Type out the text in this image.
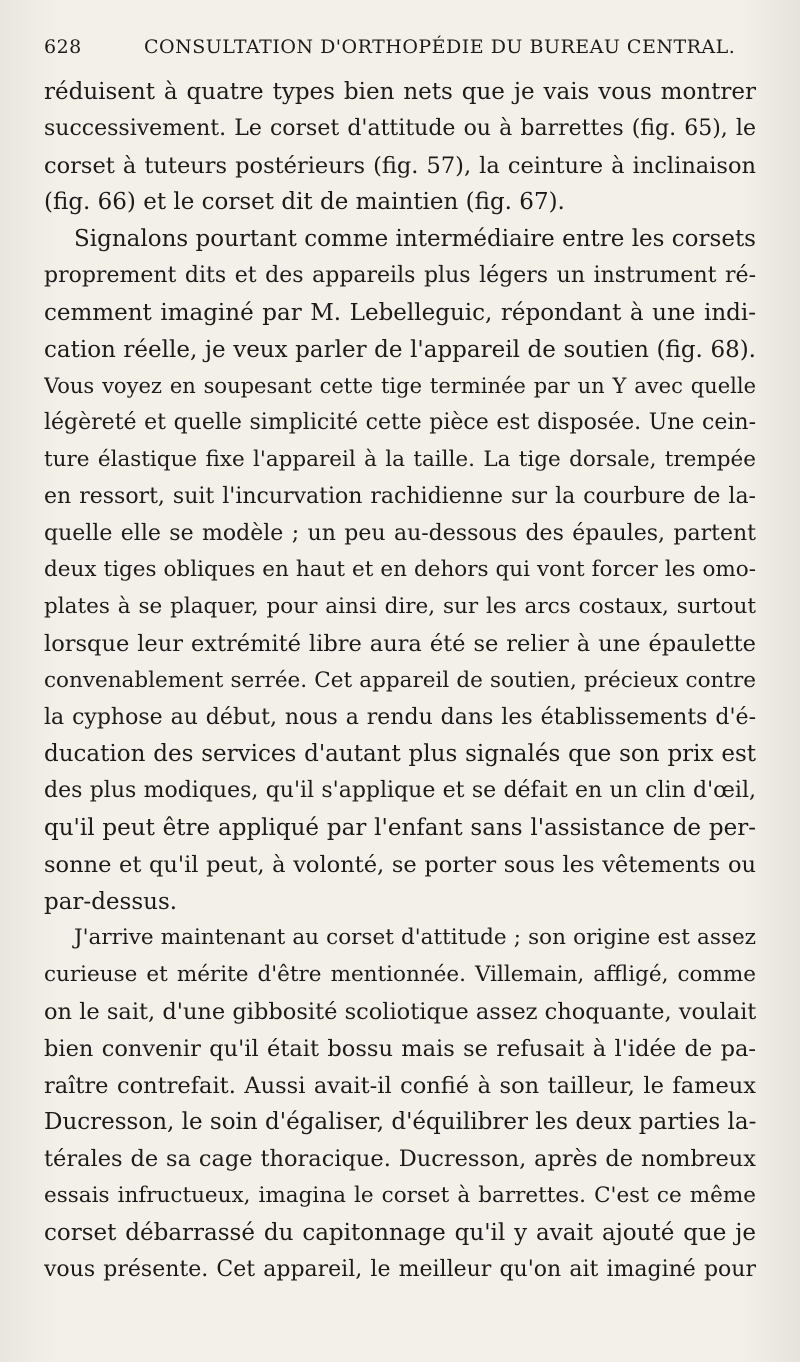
628	CONSULTATION D'ORTHOPÉDIE DU BUREAU CENTRAL.
réduisent à quatre types bien nets que je vais vous montrer
successivement. Le corset d'attitude ou à barrettes (fig. 65), le
corset à tuteurs postérieurs (fig. 57), la ceinture à inclinaison
(fig. 66) et le corset dit de maintien (fig. 67).
Signalons pourtant comme intermédiaire entre les corsets
proprement dits et des appareils plus légers un instrument ré-
cemment imaginé par M. Lebelleguic, répondant à une indi-
cation réelle, je veux parler de l'appareil de soutien (fig. 68).
Vous voyez en soupesant cette tige terminée par un Y avec quelle
légèreté et quelle simplicité cette pièce est disposée. Une cein-
ture élastique fixe l'appareil à la taille. La tige dorsale, trempée
en ressort, suit l'incurvation rachidienne sur la courbure de la-
quelle elle se modèle ; un peu au-dessous des épaules, partent
deux tiges obliques en haut et en dehors qui vont forcer les omo-
plates à se plaquer, pour ainsi dire, sur les arcs costaux, surtout
lorsque leur extrémité libre aura été se relier à une épaulette
convenablement serrée. Cet appareil de soutien, précieux contre
la cyphose au début, nous a rendu dans les établissements d'é-
ducation des services d'autant plus signalés que son prix est
des plus modiques, qu'il s'applique et se défait en un clin d'œil,
qu'il peut être appliqué par l'enfant sans l'assistance de per-
sonne et qu'il peut, à volonté, se porter sous les vêtements ou
par-dessus.
J'arrive maintenant au corset d'attitude ; son origine est assez
curieuse et mérite d'être mentionnée. Villemain, affligé, comme
on le sait, d'une gibbosité scoliotique assez choquante, voulait
bien convenir qu'il était bossu mais se refusait à l'idée de pa-
raître contrefait. Aussi avait-il confié à son tailleur, le fameux
Ducresson, le soin d'égaliser, d'équilibrer les deux parties la-
térales de sa cage thoracique. Ducresson, après de nombreux
essais infructueux, imagina le corset à barrettes. C'est ce même
corset débarrassé du capitonnage qu'il y avait ajouté que je
vous présente. Cet appareil, le meilleur qu'on ait imaginé pour
